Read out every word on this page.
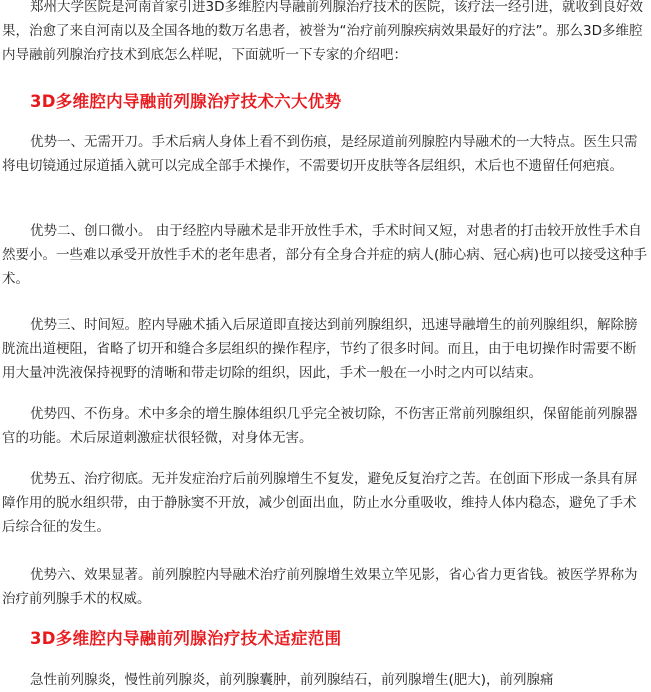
郑州大学医院是河南首家引进3D多维腔内导融前列腺治疗技术的医院，该疗法一经引进，就收到良好效果，治愈了来自河南以及全国各地的数万名患者，被誉为“治疗前列腺疾病效果最好的疗法”。那么3D多维腔内导融前列腺治疗技术到底怎么样呢，下面就听一下专家的介绍吧：

3D多维腔内导融前列腺治疗技术六大优势

优势一、无需开刀。手术后病人身体上看不到伤痕，是经尿道前列腺腔内导融术的一大特点。医生只需将电切镜通过尿道插入就可以完成全部手术操作，不需要切开皮肤等各层组织，术后也不遗留任何疤痕。

优势二、创口微小。 由于经腔内导融术是非开放性手术，手术时间又短，对患者的打击较开放性手术自然要小。一些难以承受开放性手术的老年患者，部分有全身合并症的病人(肺心病、冠心病)也可以接受这种手术。

优势三、时间短。腔内导融术插入后尿道即直接达到前列腺组织，迅速导融增生的前列腺组织，解除膀胱流出道梗阻，省略了切开和缝合多层组织的操作程序，节约了很多时间。而且，由于电切操作时需要不断用大量冲洗液保持视野的清晰和带走切除的组织，因此，手术一般在一小时之内可以结束。

优势四、不伤身。术中多余的增生腺体组织几乎完全被切除，不伤害正常前列腺组织，保留能前列腺器官的功能。术后尿道刺激症状很轻微，对身体无害。

优势五、治疗彻底。无并发症治疗后前列腺增生不复发，避免反复治疗之苦。在创面下形成一条具有屏障作用的脱水组织带，由于静脉窦不开放，减少创面出血，防止水分重吸收，维持人体内稳态，避免了手术后综合征的发生。

优势六、效果显著。前列腺腔内导融术治疗前列腺增生效果立竿见影，省心省力更省钱。被医学界称为治疗前列腺手术的权威。

3D多维腔内导融前列腺治疗技术适症范围

急性前列腺炎，慢性前列腺炎，前列腺囊肿，前列腺结石，前列腺增生(肥大)，前列腺痛
